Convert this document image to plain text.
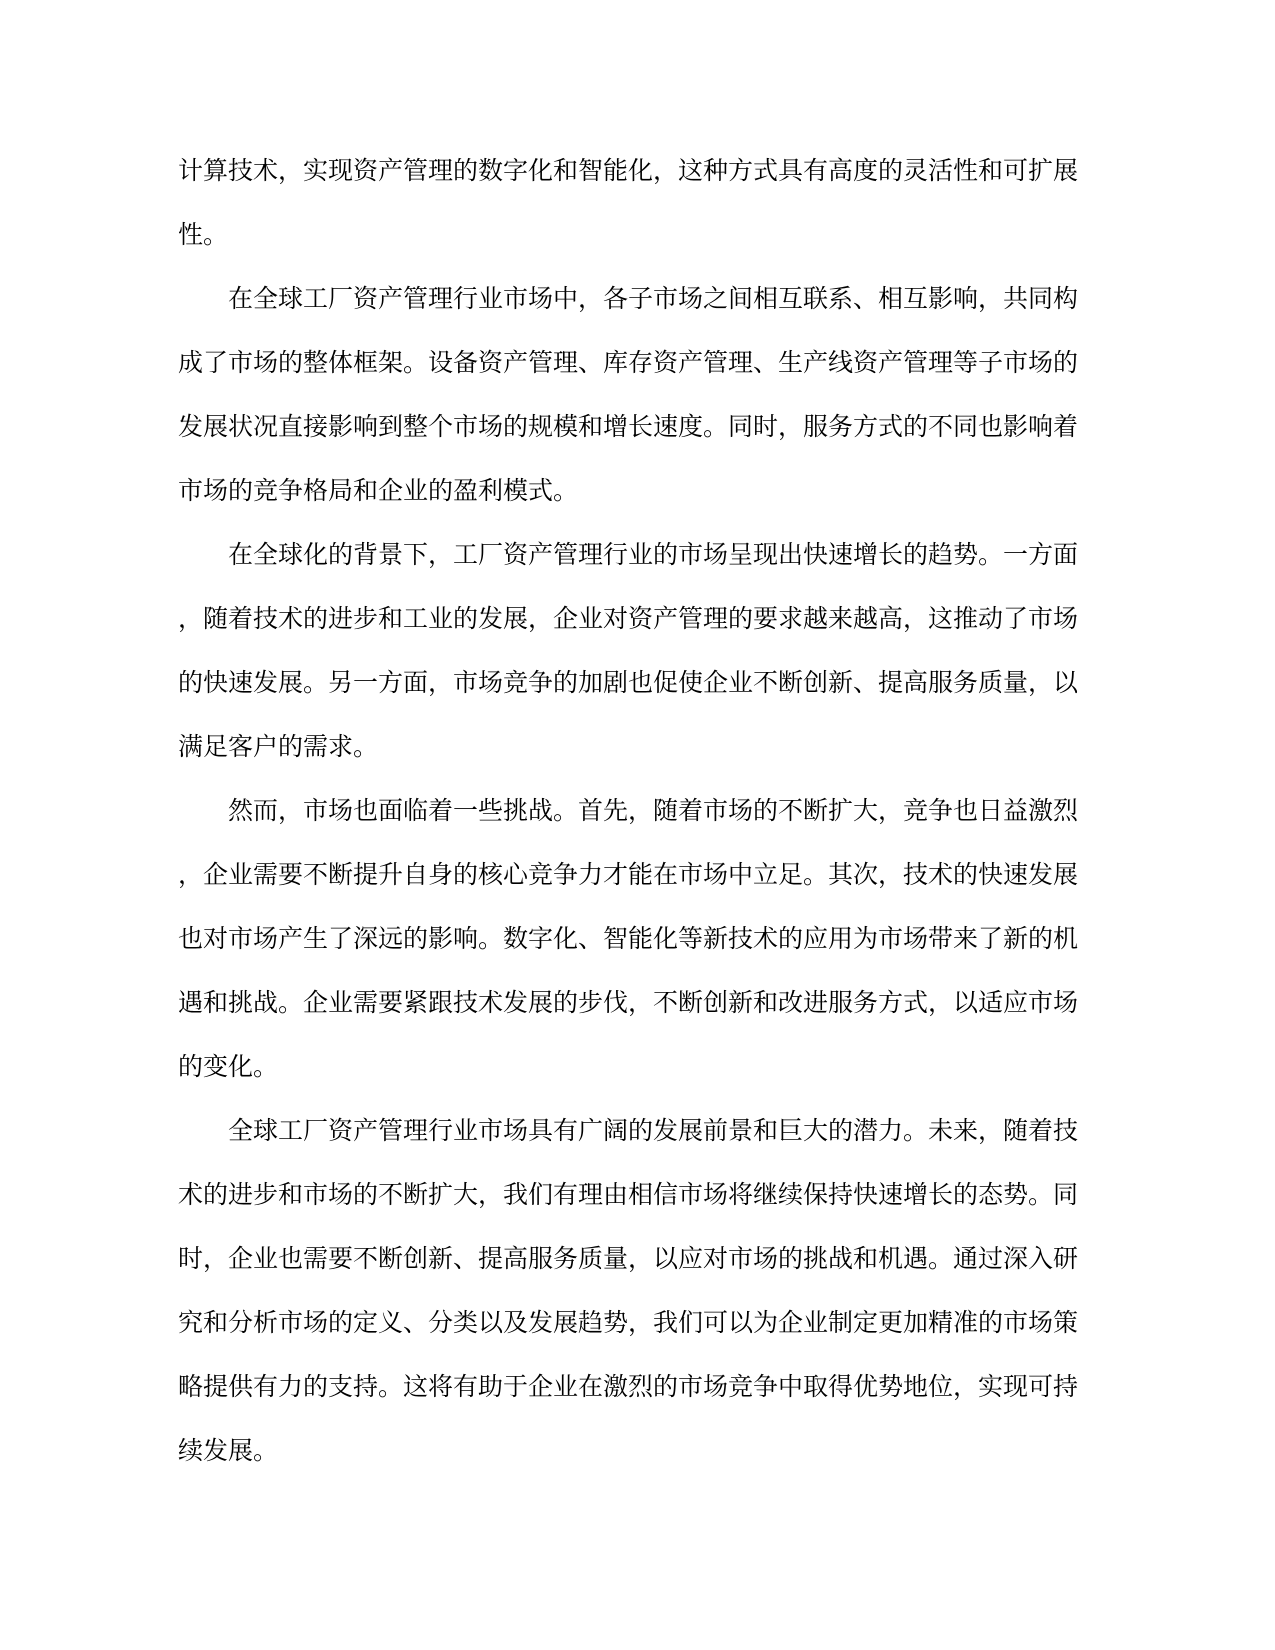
计算技术，实现资产管理的数字化和智能化，这种方式具有高度的灵活性和可扩展性。

在全球工厂资产管理行业市场中，各子市场之间相互联系、相互影响，共同构成了市场的整体框架。设备资产管理、库存资产管理、生产线资产管理等子市场的发展状况直接影响到整个市场的规模和增长速度。同时，服务方式的不同也影响着市场的竞争格局和企业的盈利模式。

在全球化的背景下，工厂资产管理行业的市场呈现出快速增长的趋势。一方面，随着技术的进步和工业的发展，企业对资产管理的要求越来越高，这推动了市场的快速发展。另一方面，市场竞争的加剧也促使企业不断创新、提高服务质量，以满足客户的需求。

然而，市场也面临着一些挑战。首先，随着市场的不断扩大，竞争也日益激烈，企业需要不断提升自身的核心竞争力才能在市场中立足。其次，技术的快速发展也对市场产生了深远的影响。数字化、智能化等新技术的应用为市场带来了新的机遇和挑战。企业需要紧跟技术发展的步伐，不断创新和改进服务方式，以适应市场的变化。

全球工厂资产管理行业市场具有广阔的发展前景和巨大的潜力。未来，随着技术的进步和市场的不断扩大，我们有理由相信市场将继续保持快速增长的态势。同时，企业也需要不断创新、提高服务质量，以应对市场的挑战和机遇。通过深入研究和分析市场的定义、分类以及发展趋势，我们可以为企业制定更加精准的市场策略提供有力的支持。这将有助于企业在激烈的市场竞争中取得优势地位，实现可持续发展。
